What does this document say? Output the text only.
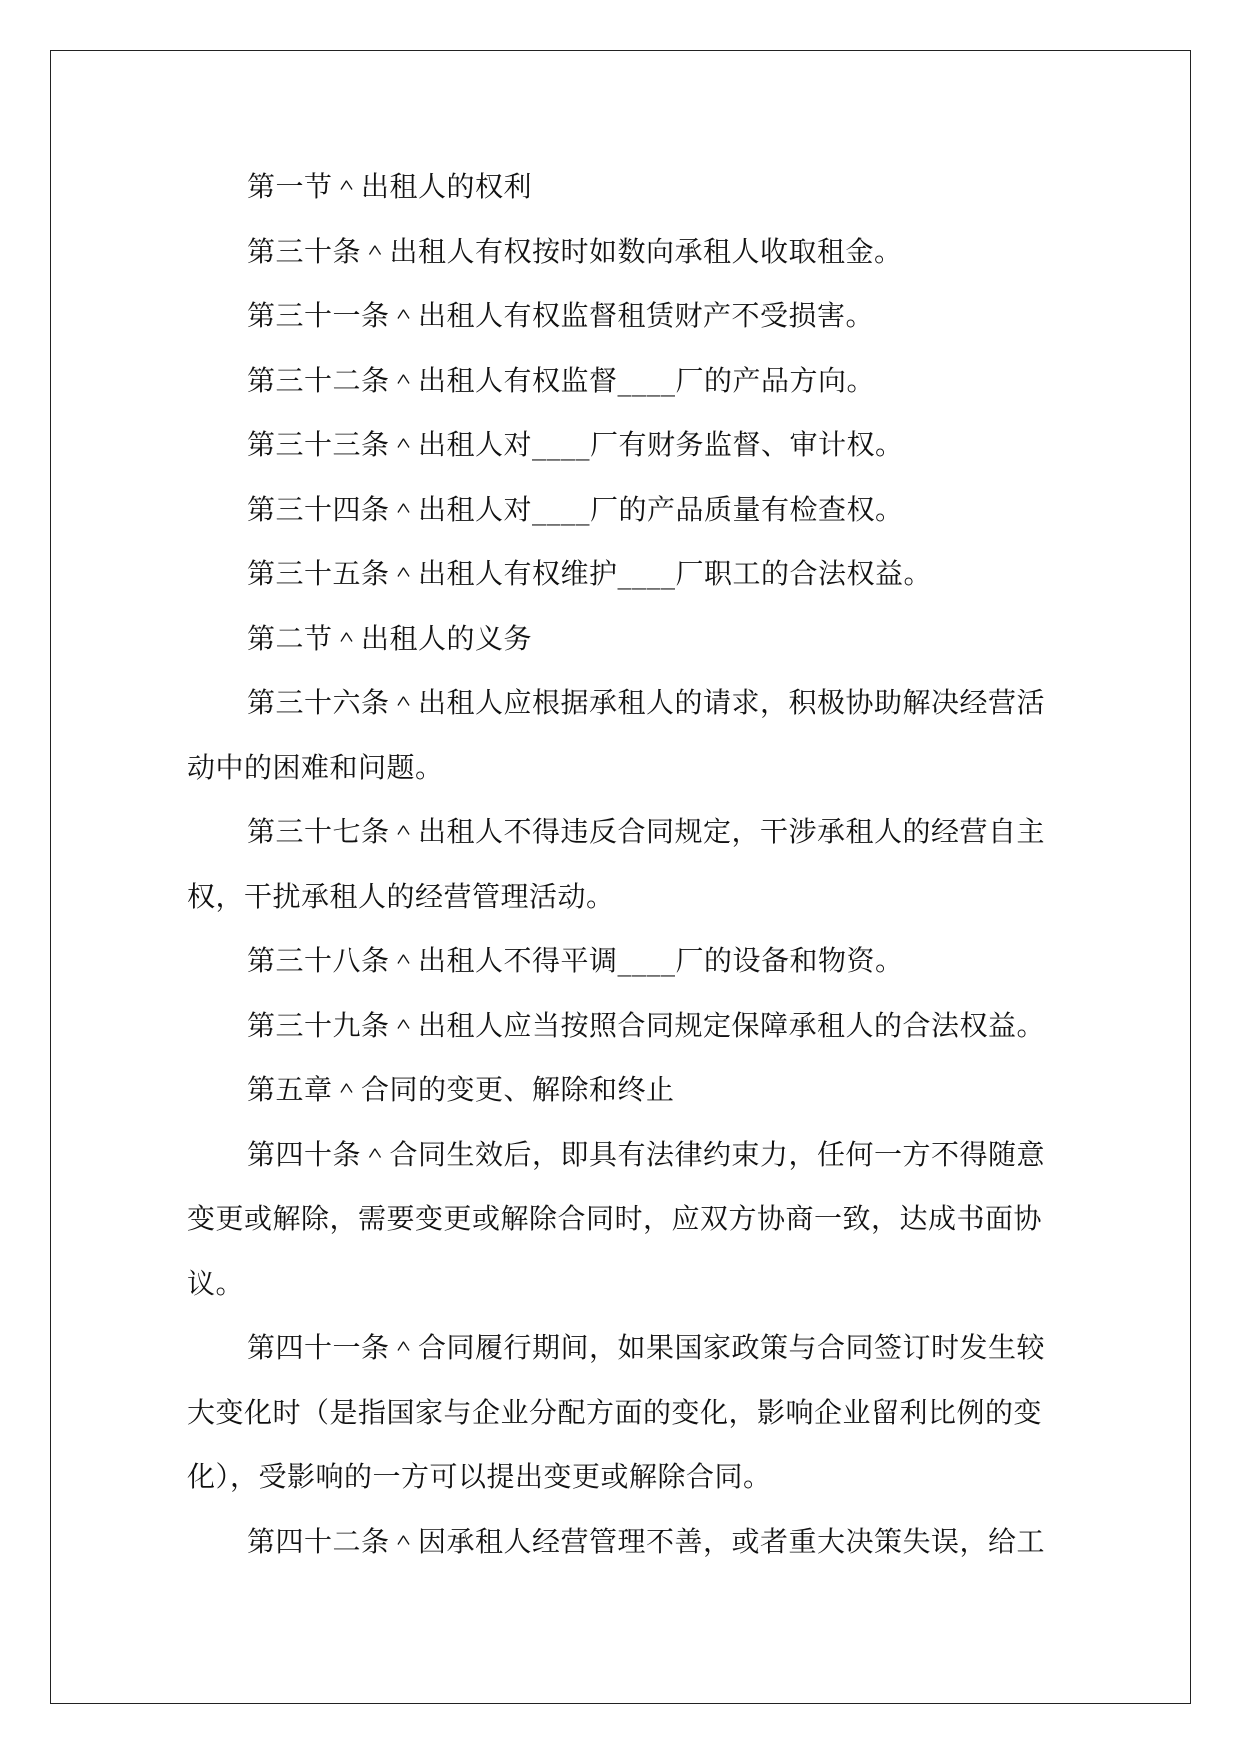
第一节＾出租人的权利

第三十条＾出租人有权按时如数向承租人收取租金。

第三十一条＾出租人有权监督租赁财产不受损害。

第三十二条＾出租人有权监督____厂的产品方向。

第三十三条＾出租人对____厂有财务监督、审计权。

第三十四条＾出租人对____厂的产品质量有检查权。

第三十五条＾出租人有权维护____厂职工的合法权益。

第二节＾出租人的义务

第三十六条＾出租人应根据承租人的请求，积极协助解决经营活动中的困难和问题。

第三十七条＾出租人不得违反合同规定，干涉承租人的经营自主权，干扰承租人的经营管理活动。

第三十八条＾出租人不得平调____厂的设备和物资。

第三十九条＾出租人应当按照合同规定保障承租人的合法权益。

第五章＾合同的变更、解除和终止

第四十条＾合同生效后，即具有法律约束力，任何一方不得随意变更或解除，需要变更或解除合同时，应双方协商一致，达成书面协议。

第四十一条＾合同履行期间，如果国家政策与合同签订时发生较大变化时（是指国家与企业分配方面的变化，影响企业留利比例的变化），受影响的一方可以提出变更或解除合同。

第四十二条＾因承租人经营管理不善，或者重大决策失误，给工
